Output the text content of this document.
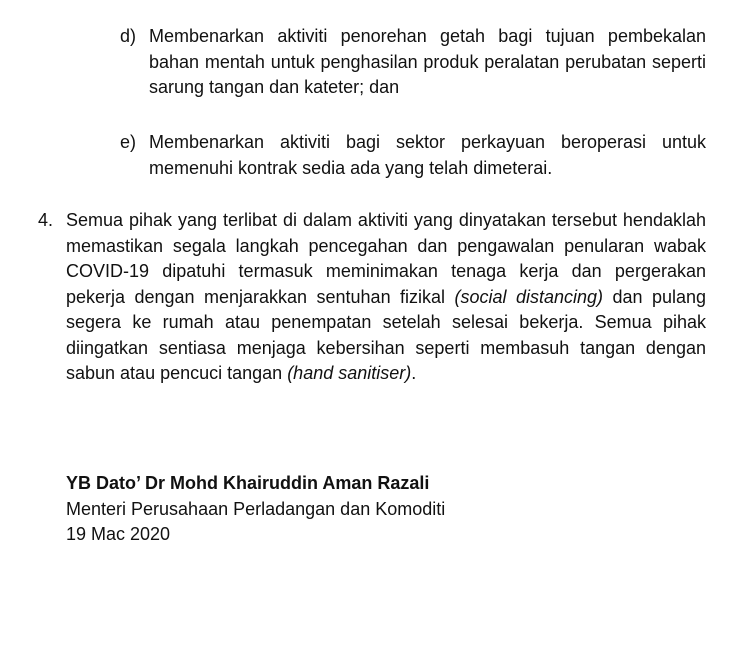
d) Membenarkan aktiviti penorehan getah bagi tujuan pembekalan bahan mentah untuk penghasilan produk peralatan perubatan seperti sarung tangan dan kateter; dan
e) Membenarkan aktiviti bagi sektor perkayuan beroperasi untuk memenuhi kontrak sedia ada yang telah dimeterai.
4. Semua pihak yang terlibat di dalam aktiviti yang dinyatakan tersebut hendaklah memastikan segala langkah pencegahan dan pengawalan penularan wabak COVID-19 dipatuhi termasuk meminimakan tenaga kerja dan pergerakan pekerja dengan menjarakkan sentuhan fizikal (social distancing) dan pulang segera ke rumah atau penempatan setelah selesai bekerja. Semua pihak diingatkan sentiasa menjaga kebersihan seperti membasuh tangan dengan sabun atau pencuci tangan (hand sanitiser).
YB Dato’ Dr Mohd Khairuddin Aman Razali
Menteri Perusahaan Perladangan dan Komoditi
19 Mac 2020
